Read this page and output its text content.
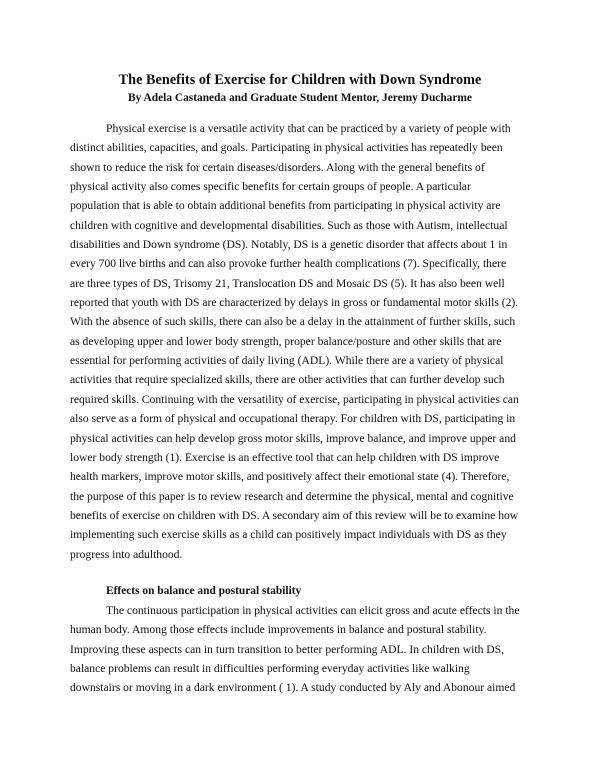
The Benefits of Exercise for Children with Down Syndrome
By Adela Castaneda and Graduate Student Mentor, Jeremy Ducharme
Physical exercise is a versatile activity that can be practiced by a variety of people with
distinct abilities, capacities, and goals. Participating in physical activities has repeatedly been
shown to reduce the risk for certain diseases/disorders. Along with the general benefits of
physical activity also comes specific benefits for certain groups of people. A particular
population that is able to obtain additional benefits from participating in physical activity are
children with cognitive and developmental disabilities. Such as those with Autism, intellectual
disabilities and Down syndrome (DS). Notably, DS is a genetic disorder that affects about 1 in
every 700 live births and can also provoke further health complications (7). Specifically, there
are three types of DS, Trisomy 21, Translocation DS and Mosaic DS (5). It has also been well
reported that youth with DS are characterized by delays in gross or fundamental motor skills (2).
With the absence of such skills, there can also be a delay in the attainment of further skills, such
as developing upper and lower body strength, proper balance/posture and other skills that are
essential for performing activities of daily living (ADL). While there are a variety of physical
activities that require specialized skills, there are other activities that can further develop such
required skills. Continuing with the versatility of exercise, participating in physical activities can
also serve as a form of physical and occupational therapy. For children with DS, participating in
physical activities can help develop gross motor skills, improve balance, and improve upper and
lower body strength (1). Exercise is an effective tool that can help children with DS improve
health markers, improve motor skills, and positively affect their emotional state (4). Therefore,
the purpose of this paper is to review research and determine the physical, mental and cognitive
benefits of exercise on children with DS. A secondary aim of this review will be to examine how
implementing such exercise skills as a child can positively impact individuals with DS as they
progress into adulthood.
Effects on balance and postural stability
The continuous participation in physical activities can elicit gross and acute effects in the
human body. Among those effects include improvements in balance and postural stability.
Improving these aspects can in turn transition to better performing ADL. In children with DS,
balance problems can result in difficulties performing everyday activities like walking
downstairs or moving in a dark environment ( 1). A study conducted by Aly and Abonour aimed
